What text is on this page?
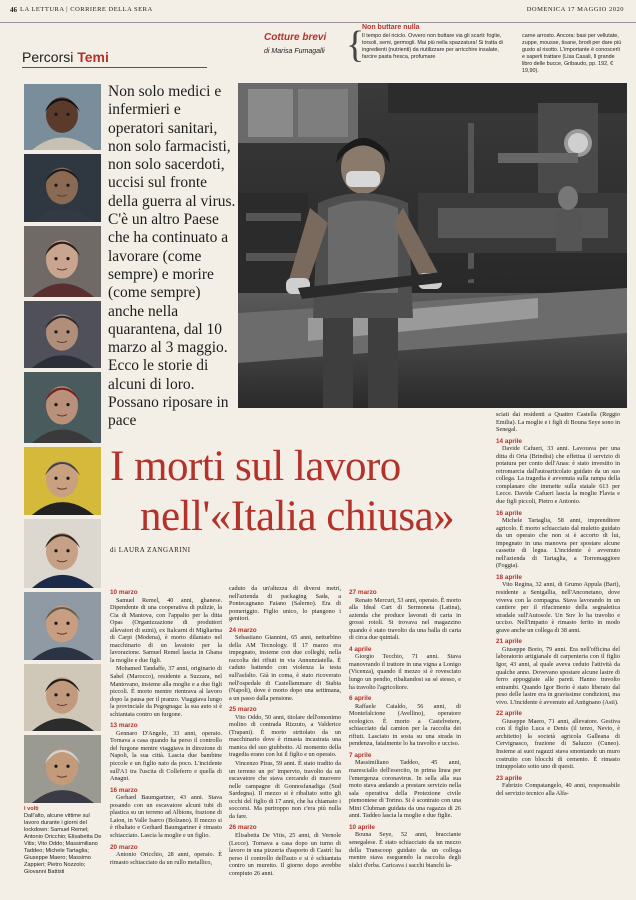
46 LA LETTURA | CORRIERE DELLA SERA	DOMENICA 17 MAGGIO 2020
Percorsi Temi
Cotture brevi
di Marisa Fumagalli {
Non buttare nulla
Il tempo del riciclo. Ovvero non buttare via gli scarti: foglie, torsoli, semi, germogli. Mai più nella spazzatura! Si tratta di ingredienti (nutrienti) da riutilizzare per arricchire insalate, farcire pasta fresca, profumare
carne arrosto. Ancora: basi per vellutate, zuppe, mousse, tisane, brodi per dare più gusto al risotto. L'importante è conoscerli e saperli trattare (Lisa Casali, Il grande libro delle bucce, Gribaudo, pp. 192, € 19,90).
I volti
Dall'alto, alcune vittime sul lavoro durante i giorni del lockdown: Samuel Remel; Antonio Oricchio; Elisabetta De Vitis; Vito Oddo; Massimiliano Taddeo; Michele Tartaglia; Giuseppe Maero; Massimo Zappieri; Pietro Nozzolo; Giovanni Battisti
Non solo medici e infermieri e operatori sanitari, non solo farmacisti, non solo sacerdoti, uccisi sul fronte della guerra al virus. C'è un altro Paese che ha continuato a lavorare (come sempre) e morire (come sempre) anche nella quarantena, dal 10 marzo al 3 maggio. Ecco le storie di alcuni di loro. Possano riposare in pace
I morti sul lavoro
nell'«Italia chiusa»
di LAURA ZANGARINI
10 marzo

Samuel Remel, 40 anni, ghanese. Dipendente di una cooperativa di pulizie, la Cia di Mantova, con l'appalto per la ditta Opas (Organizzazione di produttori allevatori di suini), ex Italcarni di Migliarina di Carpi (Modena), è morto dilaniato nel macchinario di un lavatoio per la lavorazione. Samuel Remel lascia in Ghana la moglie e due figli.

Mohamed Tandaffe, 37 anni, originario di Sahel (Marocco), residente a Suzzara, nel Mantovano, insieme alla moglie e a due figli piccoli. È morto mentre rientrava al lavoro dopo la pausa per il pranzo. Viaggiava lungo la provinciale da Pegognaga: la sua auto si è schiantata contro un furgone.

13 marzo

Gennaro D'Angelo, 33 anni, operaio. Tornava a casa quando ha perso il controllo del furgone mentre viaggiava in direzione di Napoli, la sua città. Lascia due bambine piccole e un figlio nato da poco. L'incidente sull'A1 tra l'uscita di Colleferro e quella di Anagni.

16 marzo

Gerhard Baumgartner, 43 anni. Stava posando con un escavatore alcuni tubi di plastica su un terreno ad Albions, frazione di Laion, in Valle Isarco (Bolzano). Il mezzo si è ribaltato e Gerhard Baumgartner è rimasto schiacciato. Lascia la moglie e un figlio.

20 marzo

Antonio Oricchio, 28 anni, operaio. È rimasto schiacciato da un rullo metallico,

caduto da un'altezza di diversi metri, nell'azienda di packaging Sada, a Pontecagnano Faiano (Salerno). Era di pomeriggio. Figlio unico, lo piangono i genitori.

24 marzo

Sebastiano Giannini, 65 anni, netturbino della AM Tecnology. Il 17 marzo era impegnato, insieme con due colleghi, nella raccolta dei rifiuti in via Annunziatella. È caduto battendo con violenza la testa sull'asfalto. Già in coma, è stato ricoverato nell'ospedale di Castellammare di Stabia (Napoli), dove è morto dopo una settimana, a un passo dalla pensione.

25 marzo

Vito Oddo, 50 anni, titolare dell'omonimo molino di contrada Rizzuto, a Valderice (Trapani). È morto stritolato da un macchinario dove è rimasta incastrata una manica del suo giubbotto. Al momento della tragedia erano con lui il figlio e un operaio.

Vincenzo Piras, 59 anni. È stato tradito da un terreno un po' impervio, travolto da un escavatore che stava cercando di muovere nelle campagne di Gonnosfanadiga (Sud Sardegna). Il mezzo si è ribaltato sotto gli occhi del figlio di 17 anni, che ha chiamato i soccorsi. Ma purtroppo non c'era più nulla da fare.

26 marzo

Elisabetta De Vitis, 25 anni, di Vernole (Lecce). Tornava a casa dopo un turno di lavoro in una pizzeria d'asporto di Castrì: ha perso il controllo dell'auto e si è schiantata contro un muretto. Il giorno dopo avrebbe compiuto 26 anni.

27 marzo

Renato Mercuri, 53 anni, operaio. È morto alla Ideal Cart di Sermoneta (Latina), azienda che produce lavorati di carta in grossi rotoli. Si trovava nel magazzino quando è stato travolto da una balla di carta di circa due quintali.

4 aprile

Giorgio Tecchio, 71 anni. Stava manovrando il trattore in una vigna a Lonigo (Vicenza), quando il mezzo si è rovesciato lungo un pendio, ribaltandosi su sé stesso, e ha travolto l'agricoltore.

6 aprile

Raffaele Cataldo, 56 anni, di Montefalcione (Avellino), operatore ecologico. È morto a Castelvetere, schiacciato dal camion per la raccolta dei rifiuti. Lasciato in sosta su una strada in pendenza, fatalmente lo ha travolto e ucciso.

7 aprile

Massimiliano Taddeo, 45 anni, maresciallo dell'esercito, in prima linea per l'emergenza coronavirus. In sella alla sua moto stava andando a prestare servizio nella sala operativa della Protezione civile piemontese di Torino. Si è scontrato con una Mini Clubman guidata da una ragazza di 26 anni. Taddeo lascia la moglie e due figlie.

10 aprile

Bouna Seye, 52 anni, bracciante senegalese. È stato schiacciato da un mezzo della Transcoop guidato da un collega mentre stava eseguendo la raccolta degli sfalci d'erba. Caricava i sacchi bianchi la-

sciati dai residenti a Quattro Castella (Reggio Emilia). La moglie e i figli di Bouna Seye sono in Senegal.

14 aprile

Davide Cafueri, 33 anni. Lavorava per una ditta di Oria (Brindisi) che effettua il servizio di potatura per conto dell'Anas: è stato investito in retromarcia dall'autoarticolato guidato da un suo collega. La tragedia è avvenuta sulla rampa della complanare che immette sulla statale 613 per Lecce. Davide Cafueri lascia la moglie Flavia e due figli piccoli, Pietro e Antonio.

16 aprile

Michele Tartaglia, 58 anni, imprenditore agricolo. È morto schiacciato dal muletto guidato da un operaio che non si è accorto di lui, impegnato in una manovra per spostare alcune cassette di legna. L'incidente è avvenuto nell'azienda di Tartaglia, a Torremaggiore (Foggia).

18 aprile

Vito Regina, 32 anni, di Grumo Appula (Bari), residente a Senigallia, nell'Anconetano, dove viveva con la compagna. Stava lavorando in un cantiere per il rifacimento della segnaletica stradale sull'Autosole. Un Suv lo ha travolto e ucciso. Nell'impatto è rimasto ferito in modo grave anche un collega di 38 anni.

21 aprile

Giuseppe Borio, 79 anni. Era nell'officina del laboratorio artigianale di carpenteria con il figlio Igor, 43 anni, al quale aveva ceduto l'attività da qualche anno. Dovevano spostare alcune lastre di ferro appoggiate alle pareti. Hanno travolto entrambi. Quando Igor Borio è stato liberato dal peso delle lastre era in gravissime condizioni, ma vivo. L'incidente è avvenuto ad Antignano (Asti).

22 aprile

Giuseppe Maero, 71 anni, allevatore. Gestiva con il figlio Luca e Denis (il terzo, Nevio, è architetto) la società agricola Galleana di Cervignasco, frazione di Saluzzo (Cuneo). Insieme ai suoi ragazzi stava smontando un muro costruito con blocchi di cemento. È rimasto intrappolato sotto uno di questi.

23 aprile

Fabrizio Compatangelo, 40 anni, responsabile del servizio tecnico alla Alfa-
